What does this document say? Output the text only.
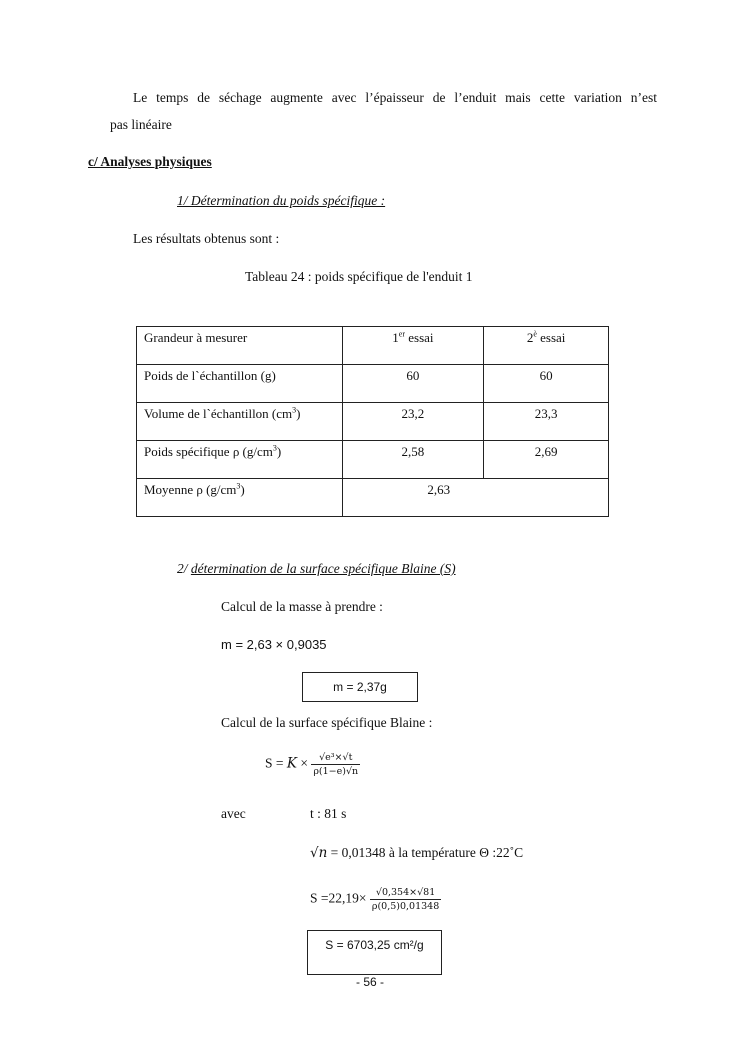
Le temps de séchage augmente avec l’épaisseur de l’enduit mais cette variation n’est
pas linéaire
c/ Analyses physiques
1/ Détermination du poids spécifique :
Les résultats obtenus sont :
Tableau 24 : poids spécifique de l'enduit 1
Grandeur à mesurer	1er essai	$2^è$ essai
Poids de l`échantillon (g)	60	60
Volume de l`échantillon $(cm^3)$	23,2	23,3
Poids spécifique ρ $(g/cm^3)$	2,58	2,69
Moyenne ρ $(g/cm^3)$	2,63	
2/ détermination de la surface spécifique Blaine (S)
Calcul de la masse à prendre :
m = 2,63 × 0,9035
m = 2,37g
Calcul de la surface spécifique Blaine :
$S = K \times \frac{\text{√e³×√t}}{\rho(1-e)√n}$
avec	t : 81 s
√n = 0,01348 à la température Θ :22˚C
$S =22,19\times \frac{√0,354\times√81}{\rho(0,5)0,01348}$
S = 6703,25 cm²/g
- 56 -
